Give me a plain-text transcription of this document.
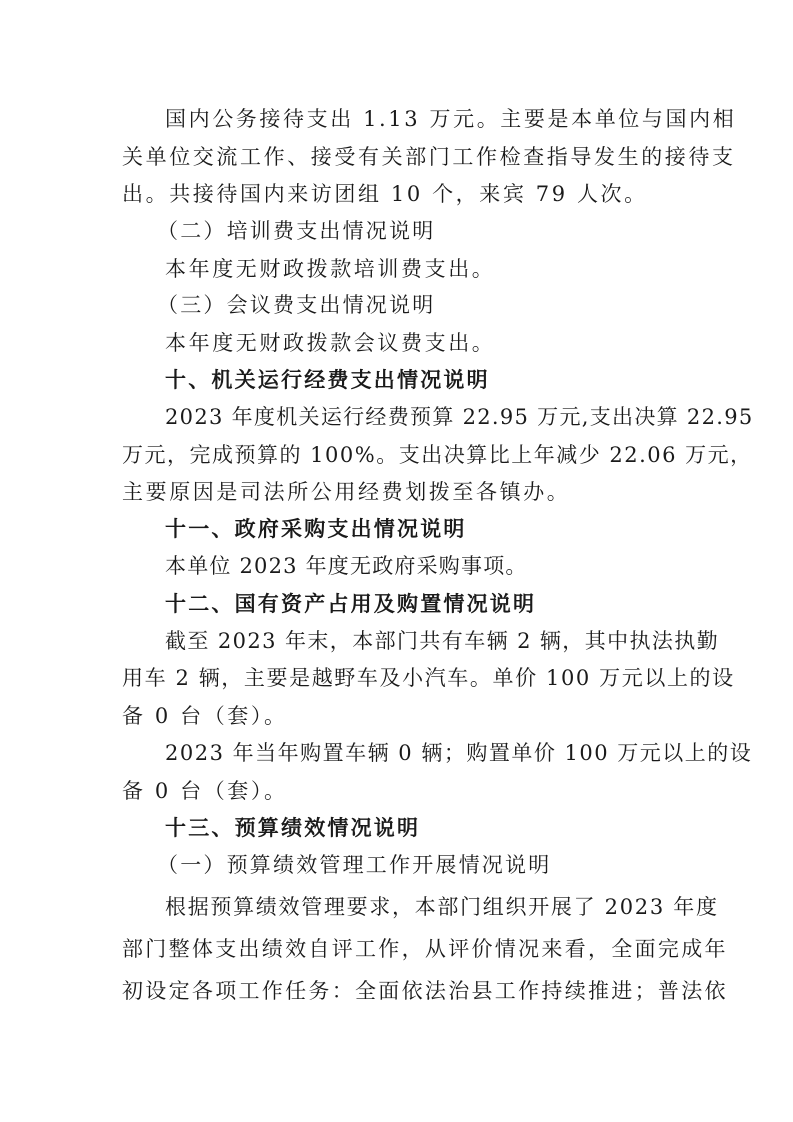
国内公务接待支出 1.13 万元。主要是本单位与国内相
关单位交流工作、接受有关部门工作检查指导发生的接待支
出。共接待国内来访团组 10 个，来宾 79 人次。
（二）培训费支出情况说明
本年度无财政拨款培训费支出。
（三）会议费支出情况说明
本年度无财政拨款会议费支出。
十、机关运行经费支出情况说明
2023 年度机关运行经费预算 22.95 万元,支出决算 22.95
万元，完成预算的 100%。支出决算比上年减少 22.06 万元，
主要原因是司法所公用经费划拨至各镇办。
十一、政府采购支出情况说明
本单位 2023 年度无政府采购事项。
十二、国有资产占用及购置情况说明
截至 2023 年末，本部门共有车辆 2 辆，其中执法执勤
用车 2 辆，主要是越野车及小汽车。单价 100 万元以上的设
备 0 台（套）。
2023 年当年购置车辆 0 辆；购置单价 100 万元以上的设
备 0 台（套）。
十三、预算绩效情况说明
（一）预算绩效管理工作开展情况说明
根据预算绩效管理要求，本部门组织开展了 2023 年度
部门整体支出绩效自评工作，从评价情况来看，全面完成年
初设定各项工作任务：全面依法治县工作持续推进；普法依
